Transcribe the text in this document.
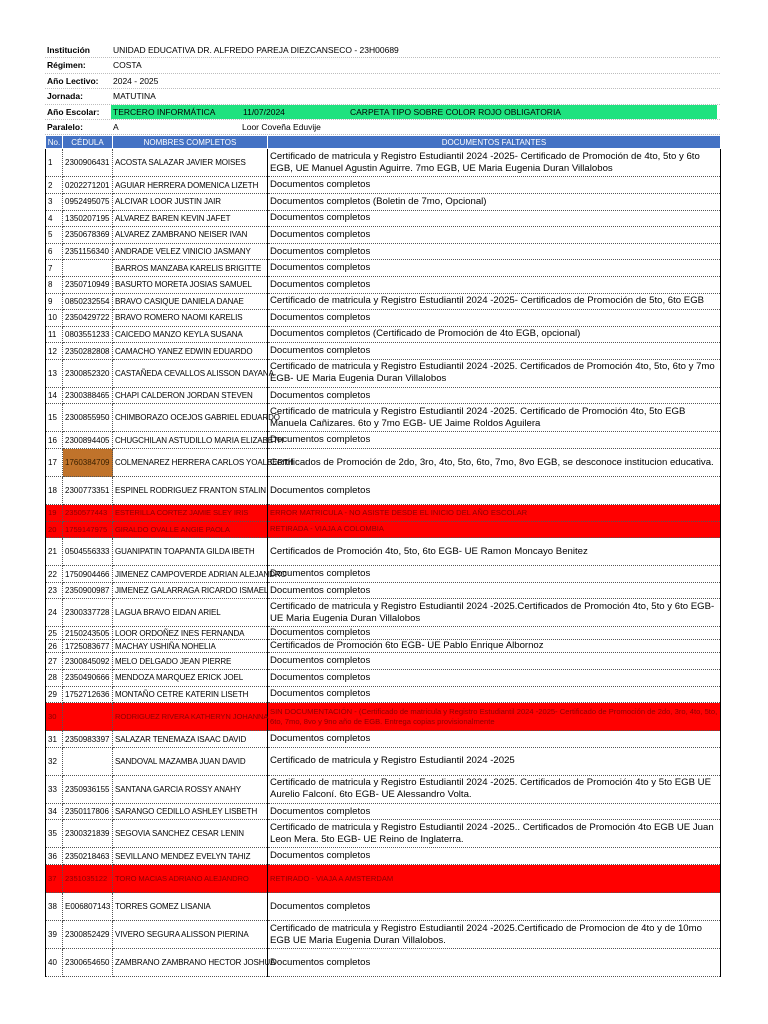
Institución	UNIDAD EDUCATIVA DR. ALFREDO PAREJA DIEZCANSECO - 23H00689
Régimen:	COSTA
Año Lectivo: 2024 - 2025
Jornada:	MATUTINA
Año Escolar: TERCERO INFORMÁTICA	11/07/2024	CARPETA TIPO SOBRE COLOR ROJO OBLIGATORIA
Paralelo:	A	Loor Coveña Eduvije
No.	CÉDULA	NOMBRES COMPLETOS	DOCUMENTOS FALTANTES
1	2300906431	ACOSTA SALAZAR JAVIER MOISES	Certificado de matricula y Registro Estudiantil 2024 -2025- Certificado de Promoción de 4to, 5to y 6to EGB, UE Manuel Agustin Aguirre. 7mo EGB, UE Maria Eugenia Duran Villalobos
2	0202271201	AGUIAR HERRERA DOMENICA LIZETH	Documentos completos
3	0952495075	ALCIVAR LOOR JUSTIN JAIR	Documentos completos (Boletin de 7mo, Opcional)
4	1350207195	ALVAREZ BAREN KEVIN JAFET	Documentos completos
5	2350678369	ALVAREZ ZAMBRANO NEISER IVAN	Documentos completos
6	2351156340	ANDRADE VELEZ VINICIO JASMANY	Documentos completos
7		BARROS MANZABA KARELIS BRIGITTE	Documentos completos
8	2350710949	BASURTO MORETA JOSIAS SAMUEL	Documentos completos
9	0850232554	BRAVO CASIQUE DANIELA DANAE	Certificado de matricula y Registro Estudiantil 2024 -2025- Certificados de Promoción de 5to, 6to EGB
10	2350429722	BRAVO ROMERO NAOMI KARELIS	Documentos completos
11	0803551233	CAICEDO MANZO KEYLA SUSANA	Documentos completos (Certificado de Promoción de 4to EGB, opcional)
12	2350282808	CAMACHO YANEZ EDWIN EDUARDO	Documentos completos
13	2300852320	CASTAÑEDA CEVALLOS ALISSON DAYANA	Certificado de matricula y Registro Estudiantil 2024 -2025. Certificados de Promoción 4to, 5to, 6to y 7mo EGB- UE Maria Eugenia Duran Villalobos
14	2300388465	CHAPI CALDERON JORDAN STEVEN	Documentos completos
15	2300855950	CHIMBORAZO OCEJOS GABRIEL EDUARDO	Certificado de matricula y Registro Estudiantil 2024 -2025. Certificado de Promoción 4to, 5to EGB Manuela Cañizares. 6to y 7mo EGB- UE Jaime Roldos Aguilera
16	2300894405	CHUGCHILAN ASTUDILLO MARIA ELIZABETH	Documentos completos
17	1760384709	COLMENAREZ HERRERA CARLOS YOALBERTH	Certificados de Promoción de 2do, 3ro, 4to, 5to, 6to, 7mo, 8vo EGB, se desconoce institucion educativa.
18	2300773351	ESPINEL RODRIGUEZ FRANTON STALIN	Documentos completos
19	2350577443	ESTERILLA CORTEZ JAMIE SLEY IRIS	ERROR MATRICULA - NO ASISTE DESDE EL INICIO DEL AÑO ESCOLAR
20	1759147975	GIRALDO OVALLE ANGIE PAOLA	RETIRADA - VIAJA A COLOMBIA
21	0504556333	GUANIPATIN TOAPANTA GILDA IBETH	Certificados de Promoción 4to, 5to, 6to EGB- UE Ramon Moncayo Benitez
22	1750904466	JIMENEZ CAMPOVERDE ADRIAN ALEJANDRO	Documentos completos
23	2350900987	JIMENEZ GALARRAGA RICARDO ISMAEL	Documentos completos
24	2300337728	LAGUA BRAVO EIDAN ARIEL	Certificado de matricula y Registro Estudiantil 2024 -2025.Certificados de Promoción 4to, 5to y 6to EGB- UE Maria Eugenia Duran Villalobos
25	2150243505	LOOR ORDOÑEZ INES FERNANDA	Documentos completos
26	1725083677	MACHAY USHIÑA NOHELIA	Certificados de Promoción 6to EGB- UE Pablo Enrique Albornoz
27	2300845092	MELO DELGADO JEAN PIERRE	Documentos completos
28	2350490666	MENDOZA MARQUEZ ERICK JOEL	Documentos completos
29	1752712636	MONTAÑO CETRE KATERIN LISETH	Documentos completos
30		RODRIGUEZ RIVERA KATHERYN JOHANNA	SIN DOCUMENTACIÓN - (Certificado de matricula y Registro Estudiantil 2024 -2025- Certificado de Promoción de 2do, 3ro, 4to, 5to, 6to, 7mo, 8vo y 9no año de EGB. Entrega copias provisionalmente
31	2350983397	SALAZAR TENEMAZA ISAAC DAVID	Documentos completos
32		SANDOVAL MAZAMBA JUAN DAVID	Certificado de matricula y Registro Estudiantil 2024 -2025
33	2350936155	SANTANA GARCIA ROSSY ANAHY	Certificado de matricula y Registro Estudiantil 2024 -2025. Certificados de Promoción 4to y 5to EGB UE Aurelio Falconí. 6to EGB- UE Alessandro Volta.
34	2350117806	SARANGO CEDILLO ASHLEY LISBETH	Documentos completos
35	2300321839	SEGOVIA SANCHEZ CESAR LENIN	Certificado de matricula y Registro Estudiantil 2024 -2025.. Certificados de Promoción 4to EGB UE Juan Leon Mera. 5to EGB- UE Reino de Inglaterra.
36	2350218463	SEVILLANO MENDEZ EVELYN TAHIZ	Documentos completos
37	2351035122	TORO MACIAS ADRIANO ALEJANDRO	RETIRADO - VIAJA A AMSTERDAM
38	E006807143	TORRES GOMEZ LISANIA	Documentos completos
39	2300852429	VIVERO SEGURA ALISSON PIERINA	Certificado de matricula y Registro Estudiantil 2024 -2025.Certificado de Promocion de 4to y de 10mo EGB UE Maria Eugenia Duran Villalobos.
40	2300654650	ZAMBRANO ZAMBRANO HECTOR JOSHUA	Documentos completos
